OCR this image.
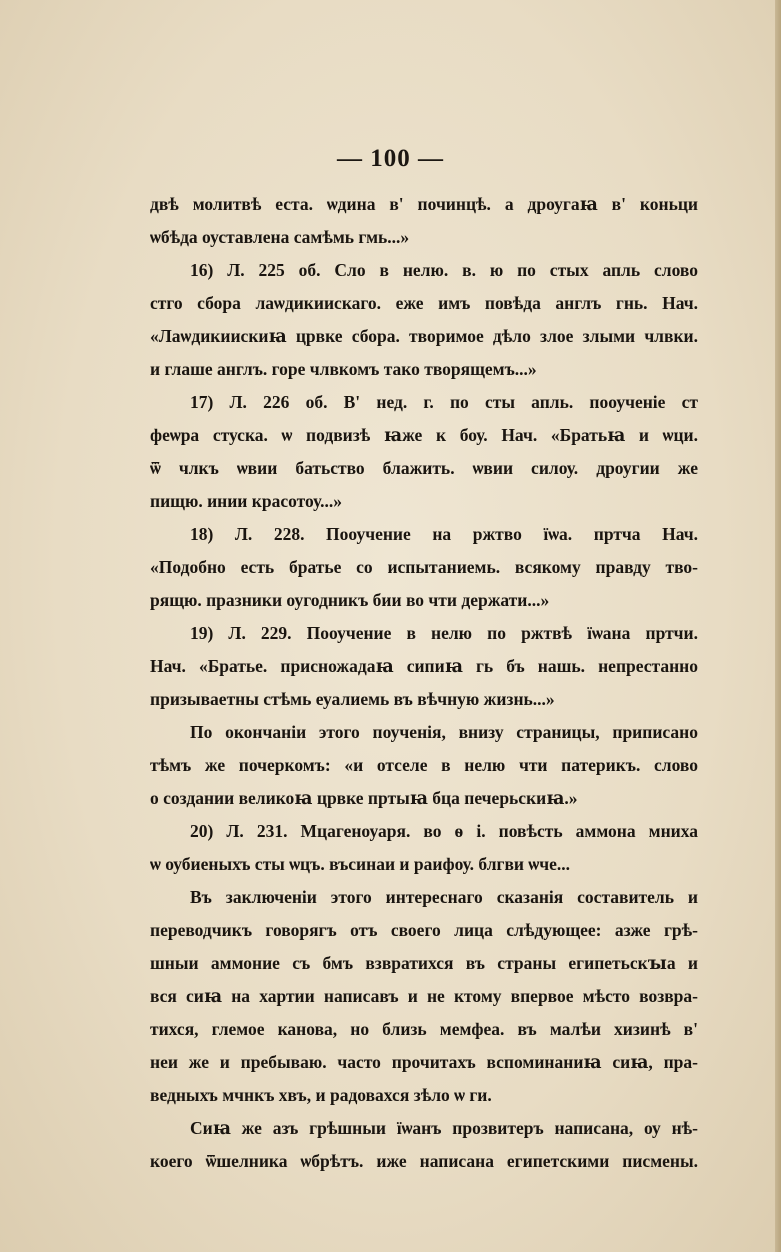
— 100 —
двѣ молитвѣ еста. ѡдина в' починцѣ. а дроугаꙗ в' коньци
ѡбѣда оуставлена самѣмь гмь...»
16) Л. 225 об. Сло в нелю. в. ю по стых апль слово
стго сбора лаѡдикиискаго. еже имъ повѣда англъ гнь. Нач.
«Лаѡдикиискиꙗ црвке сбора. творимое дѣло злое злыми члвки.
и глаше англъ. горе члвкомъ тако творящемъ...»
17) Л. 226 об. В' нед. г. по сты апль. пооученіе ст
феѡра стуска. ѡ подвизѣ ꙗже к боу. Нач. «Братьꙗ и ѡци.
ѿ члкъ ѡвии батьство блажить. ѡвии силоу. дроугии же
пищю. инии красотоу...»
18) Л. 228. Пооучение на ржтво їѡа. пртча Нач.
«Подобно есть братье со испытаниемь. всякому правду тво-
рящю. празники оугодникъ бии во чти держати...»
19) Л. 229. Пооучение в нелю по ржтвѣ їѡана пртчи.
Нач. «Братье. присножадаꙗ сипиꙗ гь бъ нашь. непрестанно
призываетны стѣмь еуалиемь въ вѣчную жизнь...»
По окончаніи этого поученія, внизу страницы, приписано
тѣмъ же почеркомъ: «и отселе в нелю чти патерикъ. слово
о создании великоꙗ црвке пртыꙗ бца печерьскиꙗ.»
20) Л. 231. Мцагеноуаря. во ѳ і. повѣсть аммона мниха
ѡ оубиеныхъ сты ѡцъ. въсинаи и раифоу. блгви ѡче...
Въ заключеніи этого интереснаго сказанія составитель и
переводчикъ говорягъ отъ своего лица слѣдующее: азже грѣ-
шныи аммоние съ бмъ взвратихся въ страны египетьскꙑа и
вся сиꙗ на хартии написавъ и не ктому впервое мѣсто возвра-
тихся, глемое канова, но близь мемфеа. въ малѣи хизинѣ в'
неи же и пребываю. часто прочитахъ вспоминаниꙗ сиꙗ, пра-
ведныхъ мчнкъ хвъ, и радовахся зѣло ѡ ги.
Сиꙗ же азъ грѣшныи їѡанъ прозвитеръ написана, оу нѣ-
коего ѿшелника ѡбрѣтъ. иже написана египетскими писмены.
